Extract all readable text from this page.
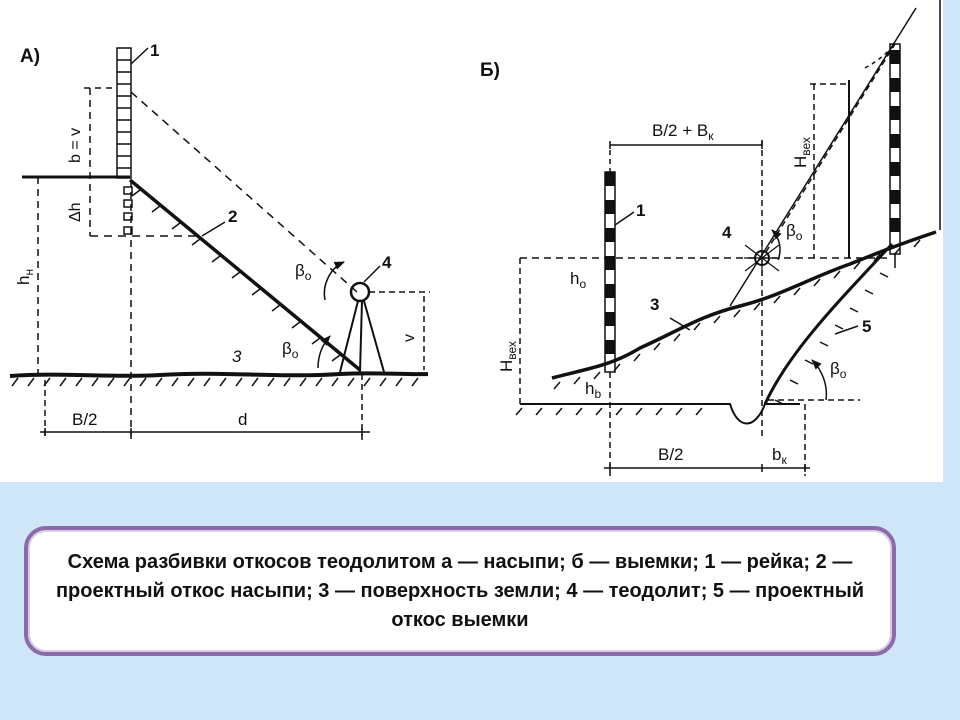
А)
b = v
Δh
$h_н$
B/2	d
v
$\beta_о$
$\beta_о$
1
2
3
4
Б)
$B/2 + B_к$
$H_{вех}$
$h_о$
$H_{вех}$
$h_b$
B/2	$b_к$
$\beta_о$
$\beta_о$
1
3
4
5

Схема разбивки откосов теодолитом а — насыпи; б — выемки; 1 — рейка; 2 — проектный откос насыпи; 3 — поверхность земли; 4 — теодолит; 5 — проектный откос выемки
